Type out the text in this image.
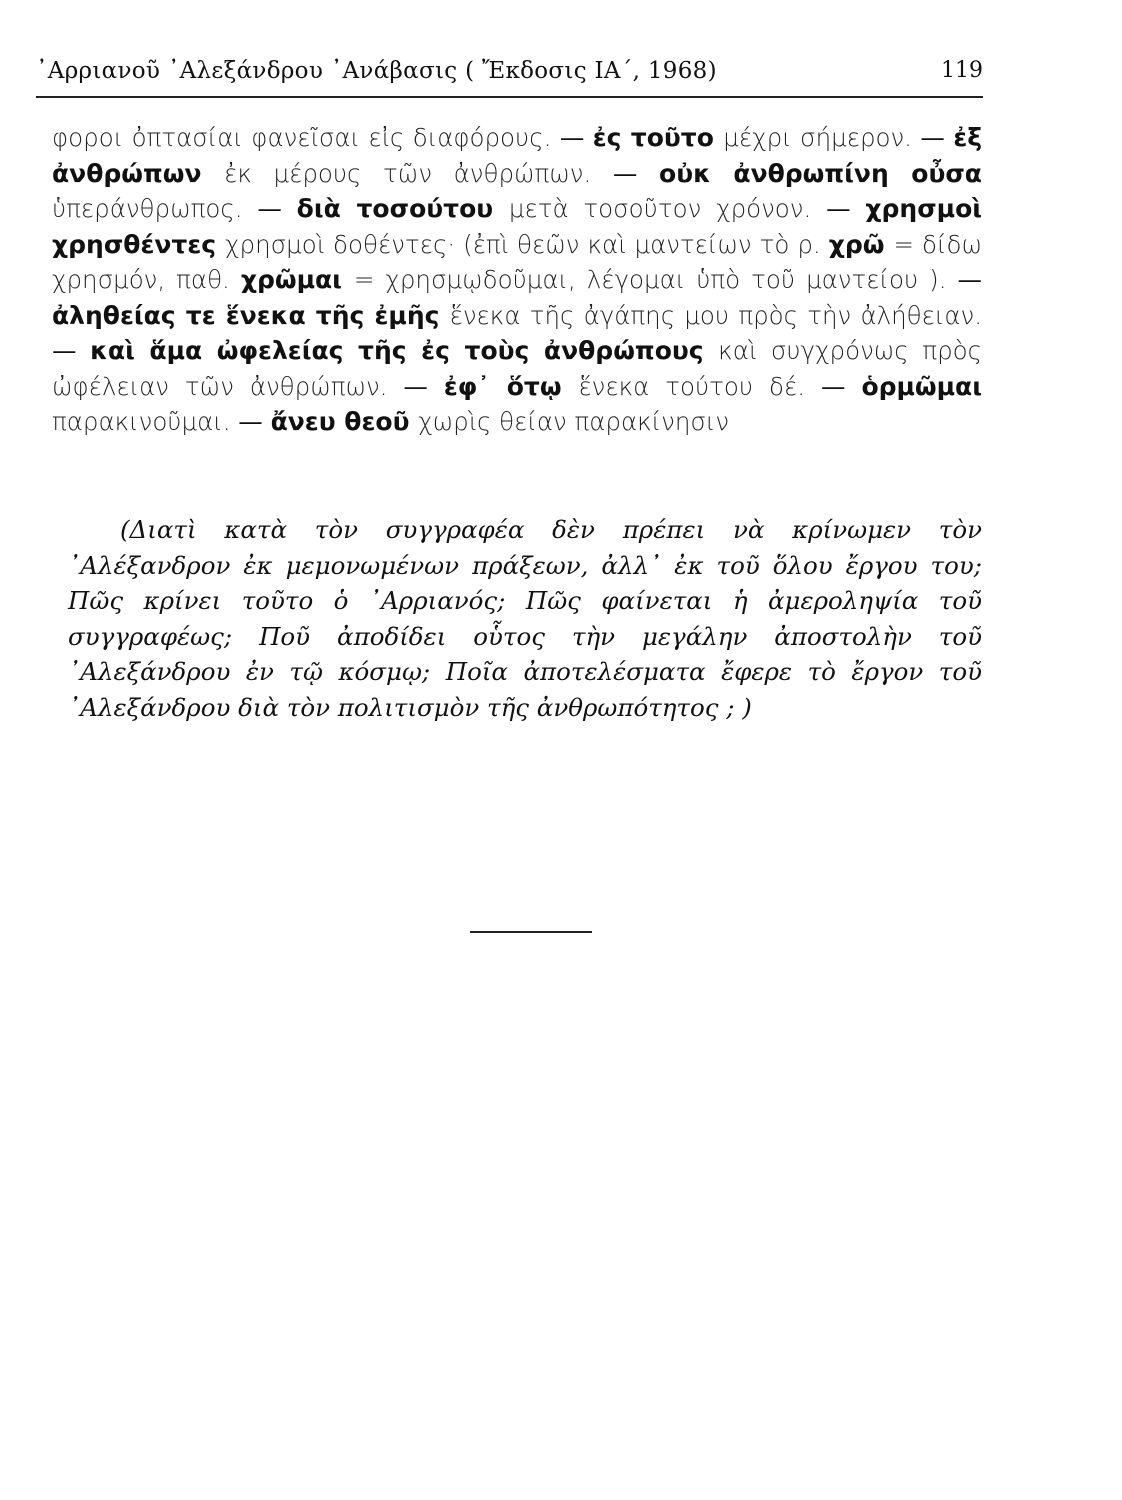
᾿Αρριανοῦ ᾿Αλεξάνδρου ᾿Ανάβασις ( Ἔκδοσις ΙΑ΄, 1968)	119
φοροι ὀπτασίαι φανεῖσαι εἰς διαφόρους. — ἐς τοῦτο μέχρι σήμερον. — ἐξ ἀνθρώπων ἐκ μέρους τῶν ἀνθρώπων. — οὐκ ἀνθρωπίνη οὖσα ὑπεράνθρωπος. — διὰ τοσούτου μετὰ τοσοῦτον χρόνον. — χρησμοὶ χρησθέντες χρησμοὶ δοθέντες· (ἐπὶ θεῶν καὶ μαντείων τὸ ρ. χρῶ = δίδω χρησμόν, παθ. χρῶμαι = χρησμῳδοῦμαι, λέγομαι ὑπὸ τοῦ μαντείου ). — ἀληθείας τε ἕνεκα τῆς ἐμῆς ἕνεκα τῆς ἀγάπης μου πρὸς τὴν ἀλήθειαν. — καὶ ἅμα ὠφελείας τῆς ἐς τοὺς ἀνθρώπους καὶ συγχρόνως πρὸς ὠφέλειαν τῶν ἀνθρώπων. — ἐφ᾿ ὅτῳ ἕνεκα τούτου δέ. — ὁρμῶμαι παρακινοῦμαι. — ἄνευ θεοῦ χωρὶς θείαν παρακίνησιν
(Διατὶ κατὰ τὸν συγγραφέα δὲν πρέπει νὰ κρίνωμεν τὸν ᾿Αλέξανδρον ἐκ μεμονωμένων πράξεων, ἀλλ᾿ ἐκ τοῦ ὅλου ἔργου του; Πῶς κρίνει τοῦτο ὁ ᾿Αρριανός; Πῶς φαίνεται ἡ ἀμεροληψία τοῦ συγγραφέως; Ποῦ ἀποδίδει οὗτος τὴν μεγάλην ἀποστολὴν τοῦ ᾿Αλεξάνδρου ἐν τῷ κόσμῳ; Ποῖα ἀποτελέσματα ἔφερε τὸ ἔργον τοῦ ᾿Αλεξάνδρου διὰ τὸν πολιτισμὸν τῆς ἀνθρωπότητος ; )
